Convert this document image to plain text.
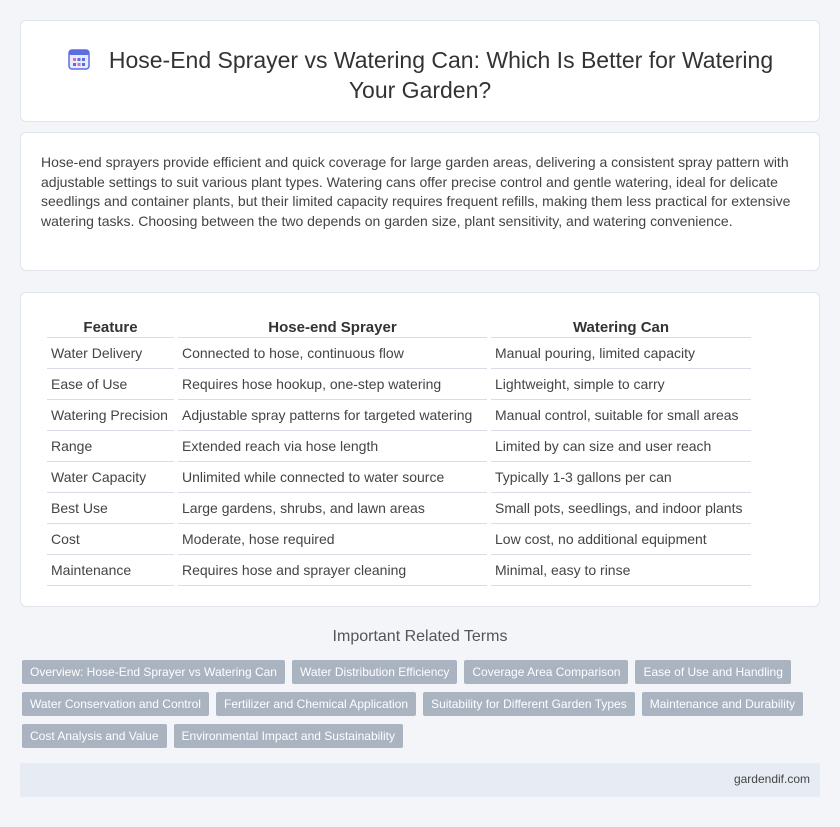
Hose-End Sprayer vs Watering Can: Which Is Better for Watering Your Garden?

Hose-end sprayers provide efficient and quick coverage for large garden areas, delivering a consistent spray pattern with adjustable settings to suit various plant types. Watering cans offer precise control and gentle watering, ideal for delicate seedlings and container plants, but their limited capacity requires frequent refills, making them less practical for extensive watering tasks. Choosing between the two depends on garden size, plant sensitivity, and watering convenience.

Feature	Hose-end Sprayer	Watering Can
Water Delivery	Connected to hose, continuous flow	Manual pouring, limited capacity
Ease of Use	Requires hose hookup, one-step watering	Lightweight, simple to carry
Watering Precision	Adjustable spray patterns for targeted watering	Manual control, suitable for small areas
Range	Extended reach via hose length	Limited by can size and user reach
Water Capacity	Unlimited while connected to water source	Typically 1-3 gallons per can
Best Use	Large gardens, shrubs, and lawn areas	Small pots, seedlings, and indoor plants
Cost	Moderate, hose required	Low cost, no additional equipment
Maintenance	Requires hose and sprayer cleaning	Minimal, easy to rinse
Important Related Terms
Overview: Hose-End Sprayer vs Watering Can	Water Distribution Efficiency	Coverage Area Comparison	Ease of Use and Handling
Water Conservation and Control	Fertilizer and Chemical Application	Suitability for Different Garden Types	Maintenance and Durability
Cost Analysis and Value	Environmental Impact and Sustainability
gardendif.com
